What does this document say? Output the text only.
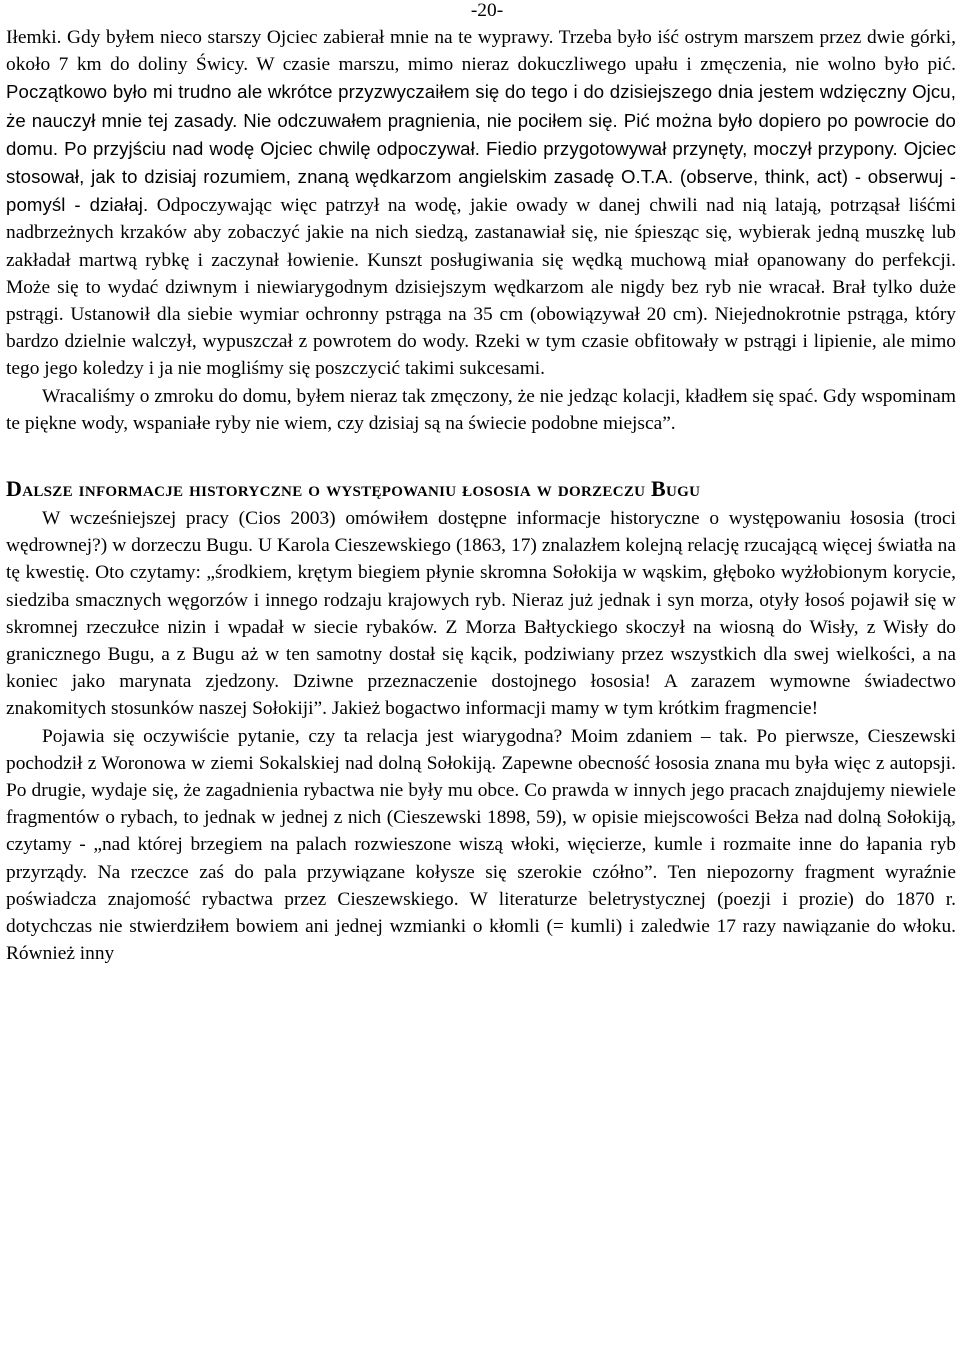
-20-

Iłemki. Gdy byłem nieco starszy Ojciec zabierał mnie na te wyprawy. Trzeba było iść ostrym marszem przez dwie górki, około 7 km do doliny Świcy. W czasie marszu, mimo nieraz dokuczliwego upału i zmęczenia, nie wolno było pić. Początkowo było mi trudno ale wkrótce przyzwyczaiłem się do tego i do dzisiejszego dnia jestem wdzięczny Ojcu, że nauczył mnie tej zasady. Nie odczuwałem pragnienia, nie pociłem się. Pić można było dopiero po powrocie do domu. Po przyjściu nad wodę Ojciec chwilę odpoczywał. Fiedio przygotowywał przynęty, moczył przypony. Ojciec stosował, jak to dzisiaj rozumiem, znaną wędkarzom angielskim zasadę O.T.A. (observe, think, act) - obserwuj - pomyśl - działaj. Odpoczywając więc patrzył na wodę, jakie owady w danej chwili nad nią latają, potrząsał liśćmi nadbrzeżnych krzaków aby zobaczyć jakie na nich siedzą, zastanawiał się, nie śpiesząc się, wybierak jedną muszkę lub zakładał martwą rybkę i zaczynał łowienie. Kunszt posługiwania się wędką muchową miał opanowany do perfekcji. Może się to wydać dziwnym i niewiarygodnym dzisiejszym wędkarzom ale nigdy bez ryb nie wracał. Brał tylko duże pstrągi. Ustanowił dla siebie wymiar ochronny pstrąga na 35 cm (obowiązywał 20 cm). Niejednokrotnie pstrąga, który bardzo dzielnie walczył, wypuszczał z powrotem do wody. Rzeki w tym czasie obfitowały w pstrągi i lipienie, ale mimo tego jego koledzy i ja nie mogliśmy się poszczycić takimi sukcesami.

Wracaliśmy o zmroku do domu, byłem nieraz tak zmęczony, że nie jedząc kolacji, kładłem się spać. Gdy wspominam te piękne wody, wspaniałe ryby nie wiem, czy dzisiaj są na świecie podobne miejsca”.

Dalsze informacje historyczne o występowaniu łososia w dorzeczu Bugu

W wcześniejszej pracy (Cios 2003) omówiłem dostępne informacje historyczne o występowaniu łososia (troci wędrownej?) w dorzeczu Bugu. U Karola Cieszewskiego (1863, 17) znalazłem kolejną relację rzucającą więcej światła na tę kwestię. Oto czytamy: „środkiem, krętym biegiem płynie skromna Sołokija w wąskim, głęboko wyżłobionym korycie, siedziba smacznych węgorzów i innego rodzaju krajowych ryb. Nieraz już jednak i syn morza, otyły łosoś pojawił się w skromnej rzeczułce nizin i wpadał w siecie rybaków. Z Morza Bałtyckiego skoczył na wiosną do Wisły, z Wisły do granicznego Bugu, a z Bugu aż w ten samotny dostał się kącik, podziwiany przez wszystkich dla swej wielkości, a na koniec jako marynata zjedzony. Dziwne przeznaczenie dostojnego łososia! A zarazem wymowne świadectwo znakomitych stosunków naszej Sołokiji”. Jakież bogactwo informacji mamy w tym krótkim fragmencie!

Pojawia się oczywiście pytanie, czy ta relacja jest wiarygodna? Moim zdaniem – tak. Po pierwsze, Cieszewski pochodził z Woronowa w ziemi Sokalskiej nad dolną Sołokiją. Zapewne obecność łososia znana mu była więc z autopsji. Po drugie, wydaje się, że zagadnienia rybactwa nie były mu obce. Co prawda w innych jego pracach znajdujemy niewiele fragmentów o rybach, to jednak w jednej z nich (Cieszewski 1898, 59), w opisie miejscowości Bełza nad dolną Sołokiją, czytamy - „nad której brzegiem na palach rozwieszone wiszą włoki, więcierze, kumle i rozmaite inne do łapania ryb przyrządy. Na rzeczce zaś do pala przywiązane kołysze się szerokie czółno”. Ten niepozorny fragment wyraźnie poświadcza znajomość rybactwa przez Cieszewskiego. W literaturze beletrystycznej (poezji i prozie) do 1870 r. dotychczas nie stwierdziłem bowiem ani jednej wzmianki o kłomli (= kumli) i zaledwie 17 razy nawiązanie do włoku. Również inny
